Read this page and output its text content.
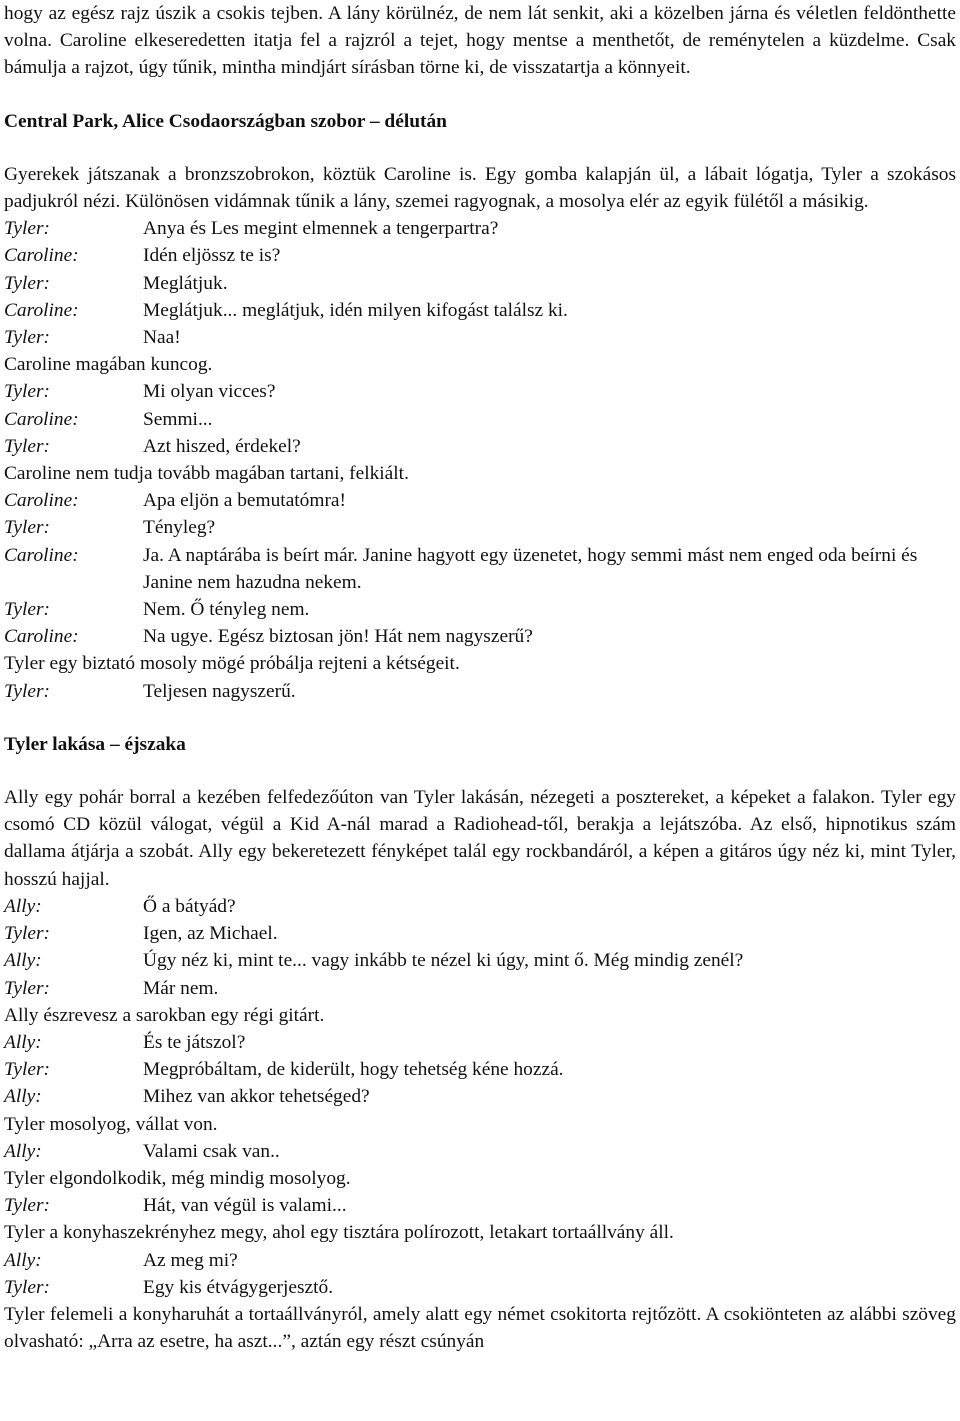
hogy az egész rajz úszik a csokis tejben. A lány körülnéz, de nem lát senkit, aki a közelben járna és véletlen feldönthette volna. Caroline elkeseredetten itatja fel a rajzról a tejet, hogy mentse a menthetőt, de reménytelen a küzdelme. Csak bámulja a rajzot, úgy tűnik, mintha mindjárt sírásban törne ki, de visszatartja a könnyeit.

Central Park, Alice Csodaországban szobor – délután

Gyerekek játszanak a bronzszobrokon, köztük Caroline is. Egy gomba kalapján ül, a lábait lógatja, Tyler a szokásos padjukról nézi. Különösen vidámnak tűnik a lány, szemei ragyognak, a mosolya elér az egyik fülétől a másikig.

Tyler:	Anya és Les megint elmennek a tengerpartra?
Caroline:	Idén eljössz te is?
Tyler:	Meglátjuk.
Caroline:	Meglátjuk... meglátjuk, idén milyen kifogást találsz ki.
Tyler:	Naa!

Caroline magában kuncog.

Tyler:	Mi olyan vicces?
Caroline:	Semmi...
Tyler:	Azt hiszed, érdekel?

Caroline nem tudja tovább magában tartani, felkiált.

Caroline:	Apa eljön a bemutatómra!
Tyler:	Tényleg?
Caroline:	Ja. A naptárába is beírt már. Janine hagyott egy üzenetet, hogy semmi mást nem enged oda beírni és Janine nem hazudna nekem.
Tyler:	Nem. Ő tényleg nem.
Caroline:	Na ugye. Egész biztosan jön! Hát nem nagyszerű?

Tyler egy biztató mosoly mögé próbálja rejteni a kétségeit.

Tyler:	Teljesen nagyszerű.
Tyler lakása – éjszaka

Ally egy pohár borral a kezében felfedezőúton van Tyler lakásán, nézegeti a posztereket, a képeket a falakon. Tyler egy csomó CD közül válogat, végül a Kid A-nál marad a Radiohead-től, berakja a lejátszóba. Az első, hipnotikus szám dallama átjárja a szobát. Ally egy bekeretezett fényképet talál egy rockbandáról, a képen a gitáros úgy néz ki, mint Tyler, hosszú hajjal.

Ally:	Ő a bátyád?
Tyler:	Igen, az Michael.
Ally:	Úgy néz ki, mint te... vagy inkább te nézel ki úgy, mint ő. Még mindig zenél?
Tyler:	Már nem.

Ally észrevesz a sarokban egy régi gitárt.

Ally:	És te játszol?
Tyler:	Megpróbáltam, de kiderült, hogy tehetség kéne hozzá.
Ally:	Mihez van akkor tehetséged?

Tyler mosolyog, vállat von.

Ally:	Valami csak van..

Tyler elgondolkodik, még mindig mosolyog.

Tyler:	Hát, van végül is valami...

Tyler a konyhaszekrényhez megy, ahol egy tisztára polírozott, letakart tortaállvány áll.

Ally:	Az meg mi?
Tyler:	Egy kis étvágygerjesztő.

Tyler felemeli a konyharuhát a tortaállványról, amely alatt egy német csokitorta rejtőzött. A csokiönteten az alábbi szöveg olvasható: „Arra az esetre, ha aszt...”, aztán egy részt csúnyán
